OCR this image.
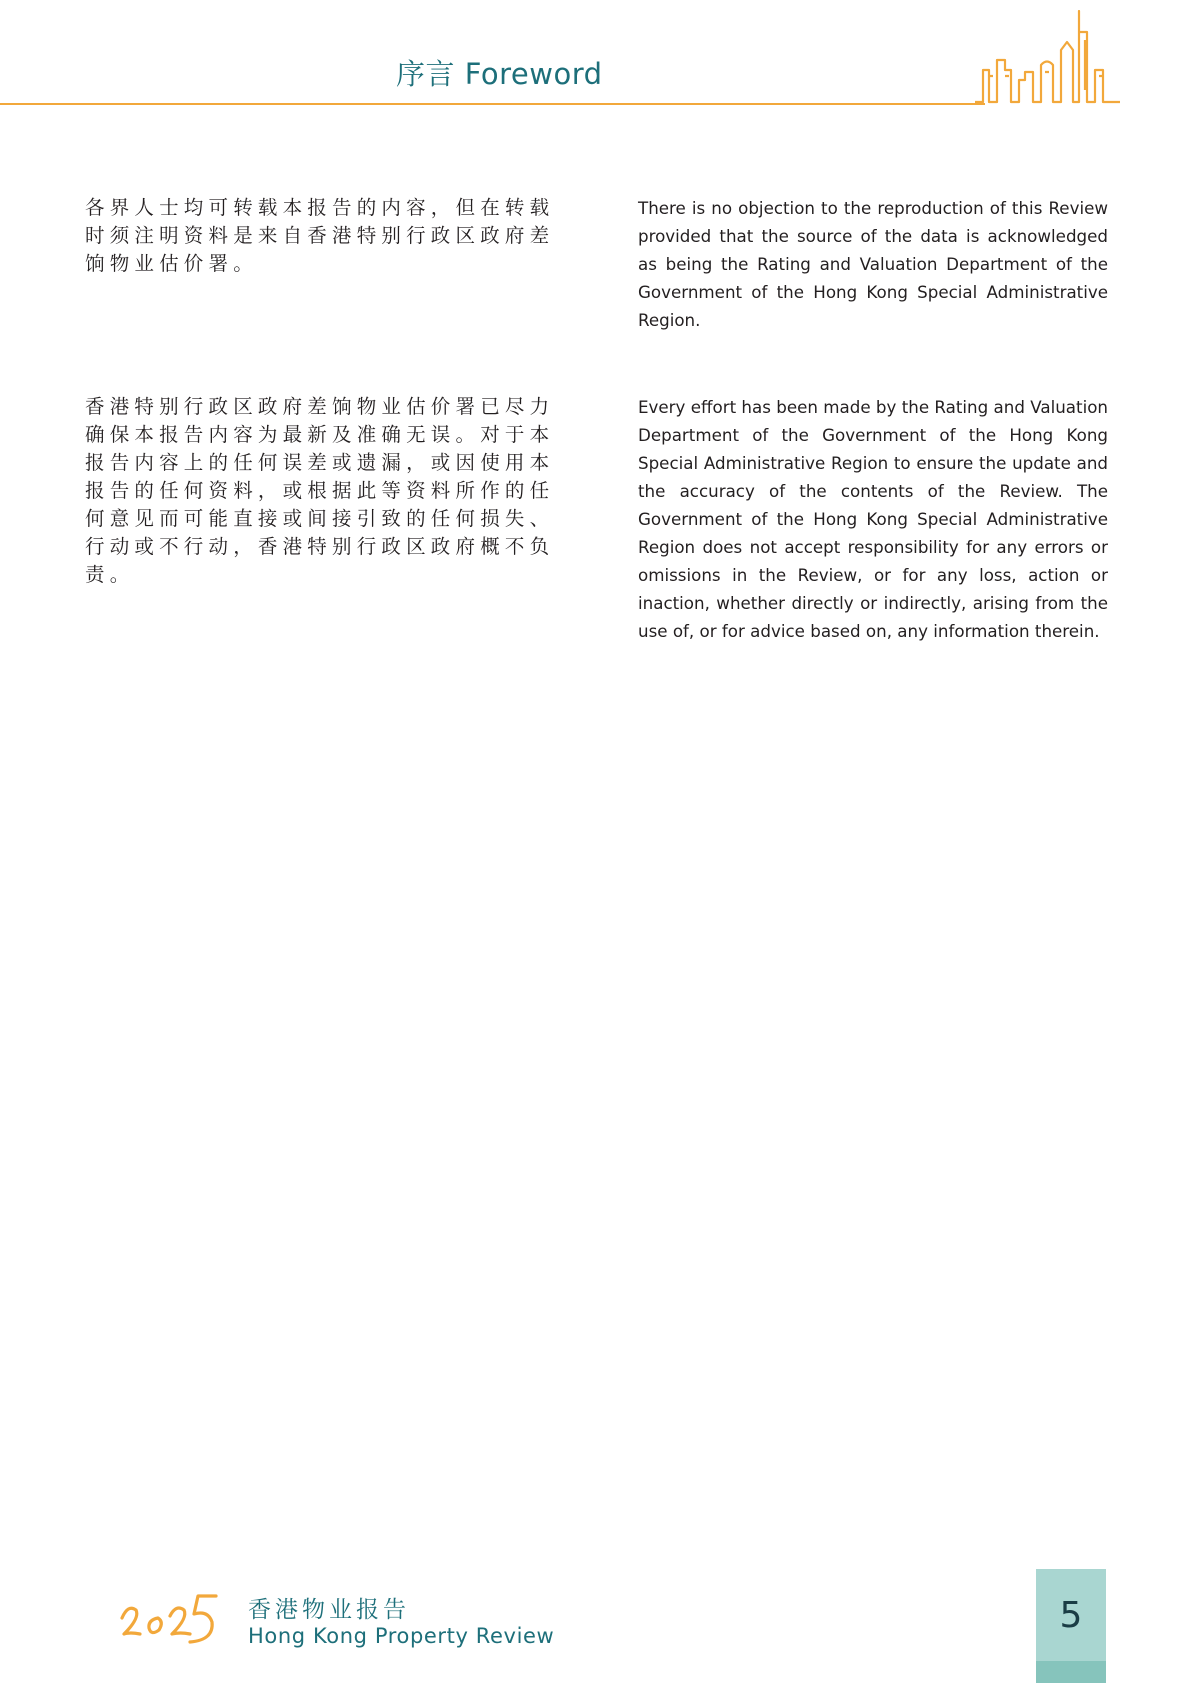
序言 Foreword
各界人士均可转载本报告的内容，但在转载时须注明资料是来自香港特别行政区政府差饷物业估价署。
There is no objection to the reproduction of this Review provided that the source of the data is acknowledged as being the Rating and Valuation Department of the Government of the Hong Kong Special Administrative Region.
香港特别行政区政府差饷物业估价署已尽力确保本报告内容为最新及准确无误。对于本报告内容上的任何误差或遗漏，或因使用本报告的任何资料，或根据此等资料所作的任何意见而可能直接或间接引致的任何损失、行动或不行动，香港特别行政区政府概不负责。
Every effort has been made by the Rating and Valuation Department of the Government of the Hong Kong Special Administrative Region to ensure the update and the accuracy of the contents of the Review. The Government of the Hong Kong Special Administrative Region does not accept responsibility for any errors or omissions in the Review, or for any loss, action or inaction, whether directly or indirectly, arising from the use of, or for advice based on, any information therein.
香港物业报告
Hong Kong Property Review	5
